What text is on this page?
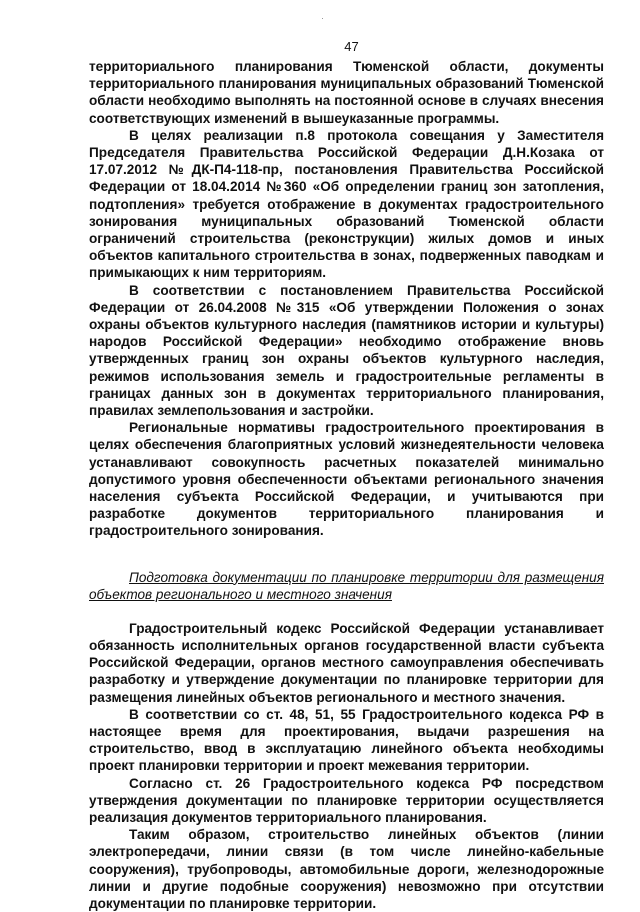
47

территориального планирования Тюменской области, документы территориального планирования муниципальных образований Тюменской области необходимо выполнять на постоянной основе в случаях внесения соответствующих изменений в вышеуказанные программы.

В целях реализации п.8 протокола совещания у Заместителя Председателя Правительства Российской Федерации Д.Н.Козака от 17.07.2012 №ДК-П4-118-пр, постановления Правительства Российской Федерации от 18.04.2014 №360 «Об определении границ зон затопления, подтопления» требуется отображение в документах градостроительного зонирования муниципальных образований Тюменской области ограничений строительства (реконструкции) жилых домов и иных объектов капитального строительства в зонах, подверженных паводкам и примыкающих к ним территориям.

В соответствии с постановлением Правительства Российской Федерации от 26.04.2008 №315 «Об утверждении Положения о зонах охраны объектов культурного наследия (памятников истории и культуры) народов Российской Федерации» необходимо отображение вновь утвержденных границ зон охраны объектов культурного наследия, режимов использования земель и градостроительные регламенты в границах данных зон в документах территориального планирования, правилах землепользования и застройки.

Региональные нормативы градостроительного проектирования в целях обеспечения благоприятных условий жизнедеятельности человека устанавливают совокупность расчетных показателей минимально допустимого уровня обеспеченности объектами регионального значения населения субъекта Российской Федерации, и учитываются при разработке документов территориального планирования и градостроительного зонирования.

Подготовка документации по планировке территории для размещения объектов регионального и местного значения

Градостроительный кодекс Российской Федерации устанавливает обязанность исполнительных органов государственной власти субъекта Российской Федерации, органов местного самоуправления обеспечивать разработку и утверждение документации по планировке территории для размещения линейных объектов регионального и местного значения.

В соответствии со ст. 48, 51, 55 Градостроительного кодекса РФ в настоящее время для проектирования, выдачи разрешения на строительство, ввод в эксплуатацию линейного объекта необходимы проект планировки территории и проект межевания территории.

Согласно ст. 26 Градостроительного кодекса РФ посредством утверждения документации по планировке территории осуществляется реализация документов территориального планирования.

Таким образом, строительство линейных объектов (линии электропередачи, линии связи (в том числе линейно-кабельные сооружения), трубопроводы, автомобильные дороги, железнодорожные линии и другие подобные сооружения) невозможно при отсутствии документации по планировке территории.
